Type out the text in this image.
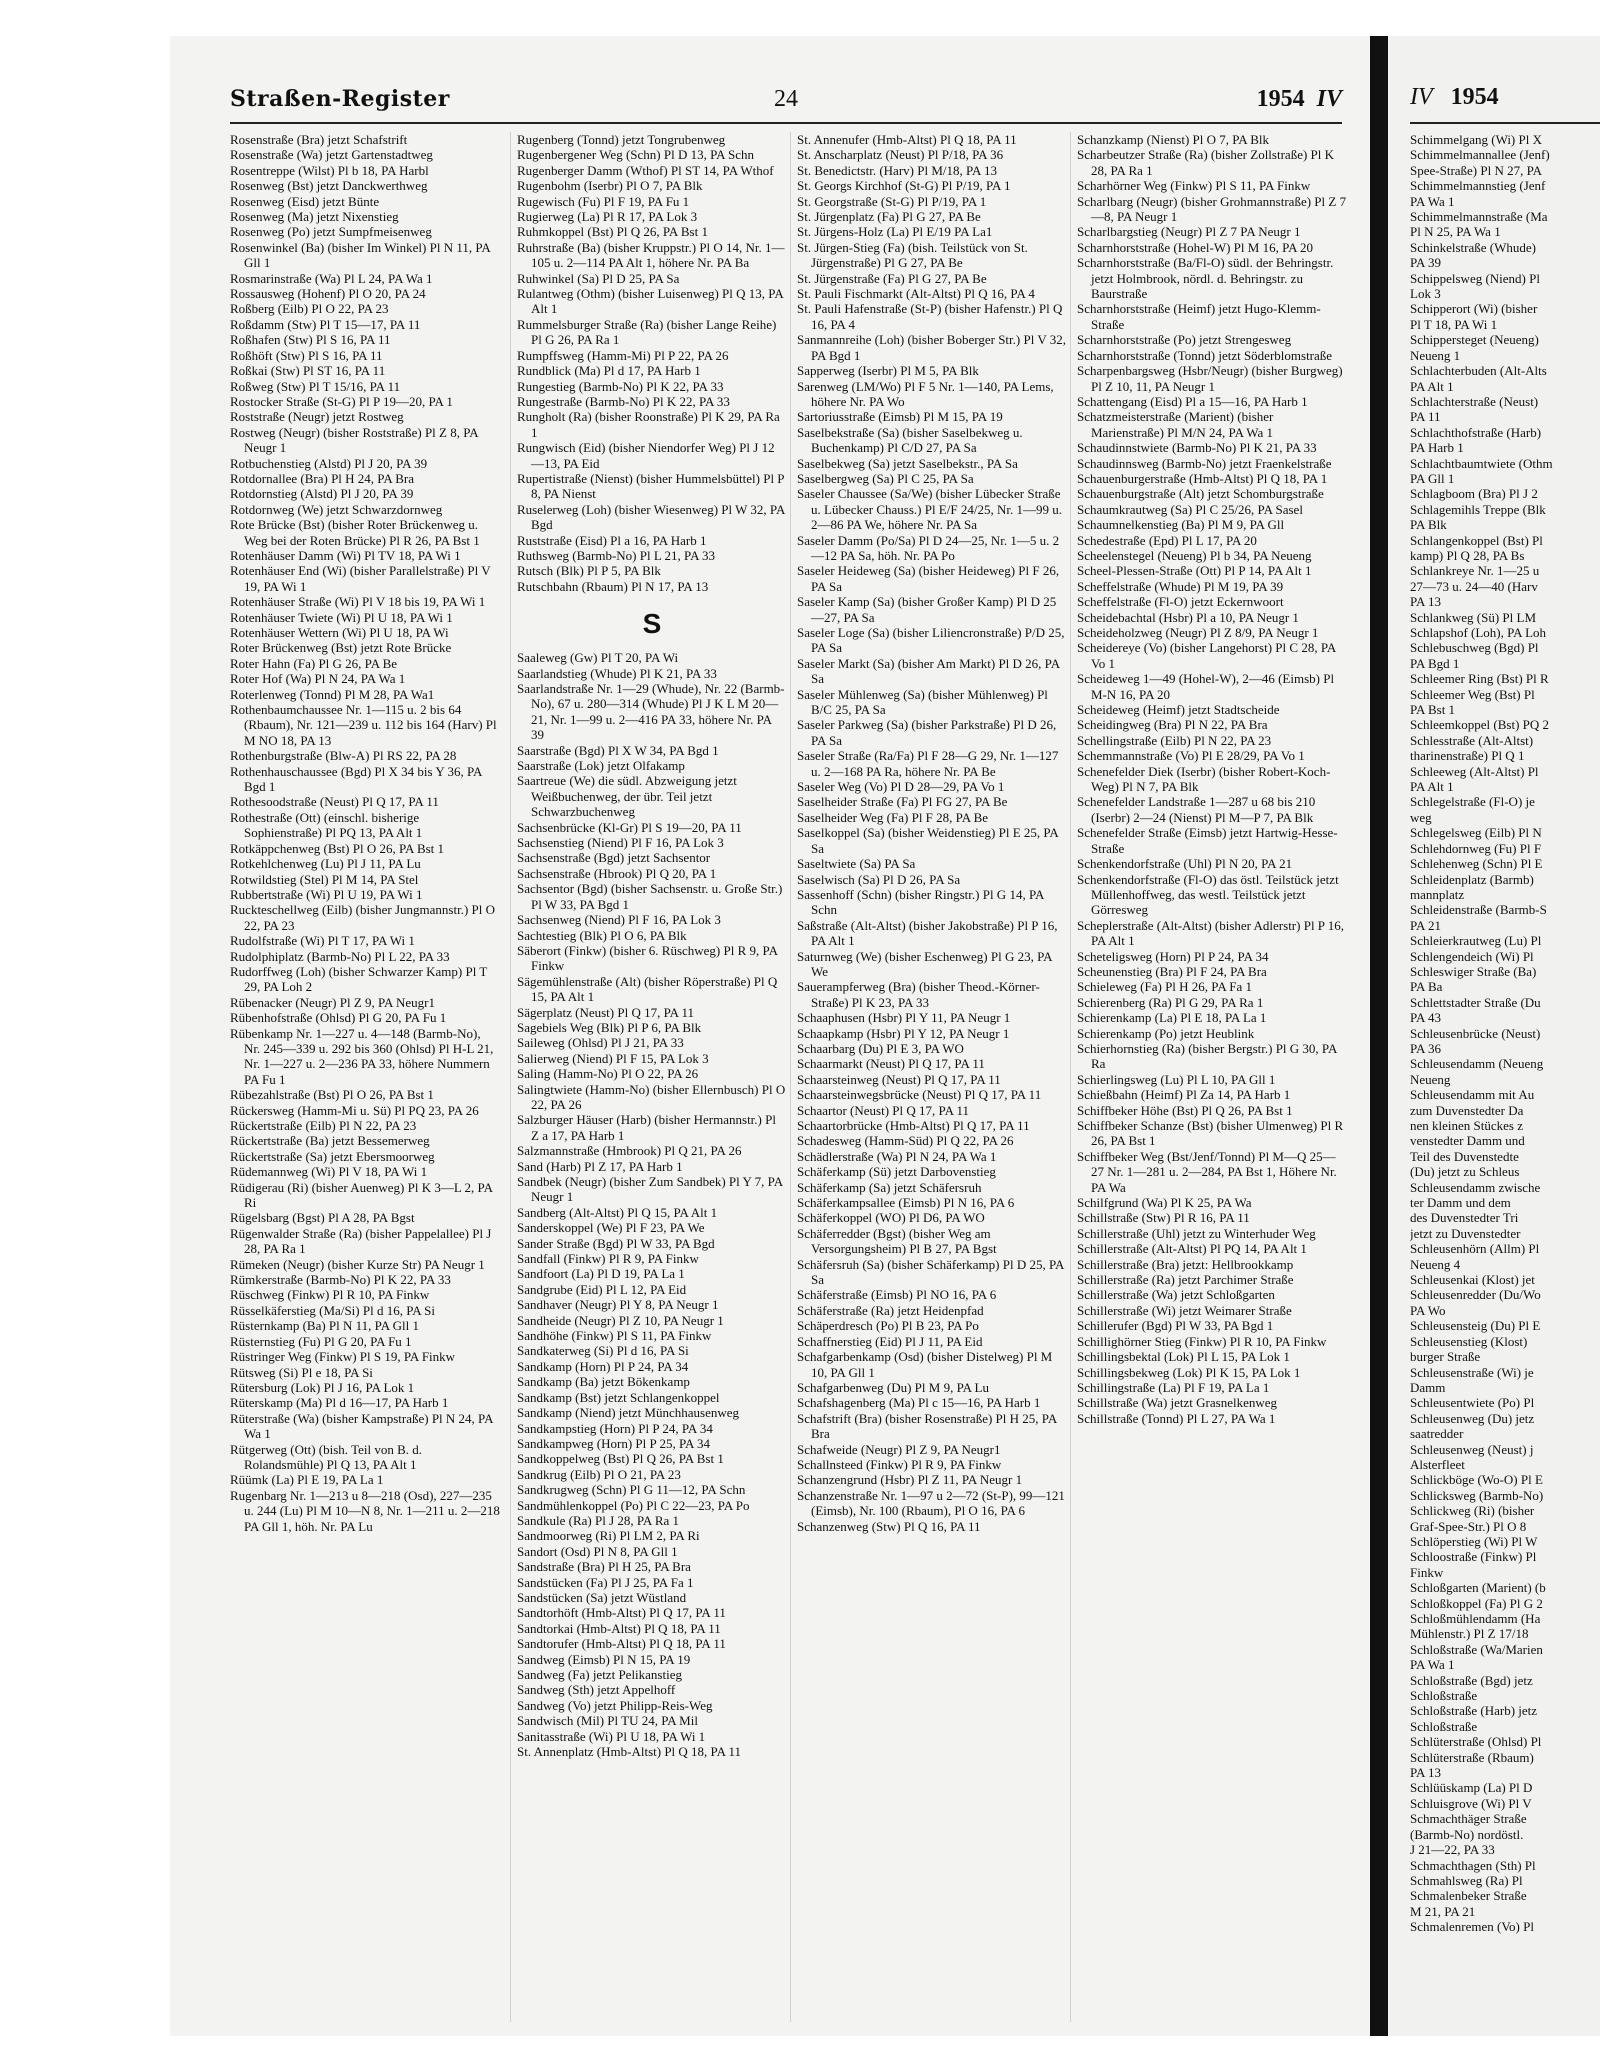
Straßen-Register	24	1954 IV

Rosenstraße (Bra) jetzt Schafstrift

Rosenstraße (Wa) jetzt Gartenstadtweg

Rosentreppe (Wilst) Pl b 18, PA Harbl

Rosenweg (Bst) jetzt Danckwerthweg

Rosenweg (Eisd) jetzt Bünte

Rosenweg (Ma) jetzt Nixenstieg

Rosenweg (Po) jetzt Sumpfmeisenweg

Rosenwinkel (Ba) (bisher Im Winkel) Pl N 11, PA Gll 1

Rosmarinstraße (Wa) Pl L 24, PA Wa 1

Rossausweg (Hohenf) Pl O 20, PA 24

Roßberg (Eilb) Pl O 22, PA 23

Roßdamm (Stw) Pl T 15—17, PA 11

Roßhafen (Stw) Pl S 16, PA 11

Roßhöft (Stw) Pl S 16, PA 11

Roßkai (Stw) Pl ST 16, PA 11

Roßweg (Stw) Pl T 15/16, PA 11

Rostocker Straße (St-G) Pl P 19—20, PA 1

Roststraße (Neugr) jetzt Rostweg

Rostweg (Neugr) (bisher Roststraße) Pl Z 8, PA Neugr 1

Rotbuchenstieg (Alstd) Pl J 20, PA 39

Rotdornallee (Bra) Pl H 24, PA Bra

Rotdornstieg (Alstd) Pl J 20, PA 39

Rotdornweg (We) jetzt Schwarzdornweg

Rote Brücke (Bst) (bisher Roter Brückenweg u. Weg bei der Roten Brücke) Pl R 26, PA Bst 1

Rotenhäuser Damm (Wi) Pl TV 18, PA Wi 1

Rotenhäuser End (Wi) (bisher Parallelstraße) Pl V 19, PA Wi 1

Rotenhäuser Straße (Wi) Pl V 18 bis 19, PA Wi 1

Rotenhäuser Twiete (Wi) Pl U 18, PA Wi 1

Rotenhäuser Wettern (Wi) Pl U 18, PA Wi

Roter Brückenweg (Bst) jetzt Rote Brücke

Roter Hahn (Fa) Pl G 26, PA Be

Roter Hof (Wa) Pl N 24, PA Wa 1

Roterlenweg (Tonnd) Pl M 28, PA Wa1

Rothenbaumchaussee Nr. 1—115 u. 2 bis 64 (Rbaum), Nr. 121—239 u. 112 bis 164 (Harv) Pl M NO 18, PA 13

Rothenburgstraße (Blw-A) Pl RS 22, PA 28

Rothenhauschaussee (Bgd) Pl X 34 bis Y 36, PA Bgd 1

Rothesoodstraße (Neust) Pl Q 17, PA 11

Rothestraße (Ott) (einschl. bisherige Sophienstraße) Pl PQ 13, PA Alt 1

Rotkäppchenweg (Bst) Pl O 26, PA Bst 1

Rotkehlchenweg (Lu) Pl J 11, PA Lu

Rotwildstieg (Stel) Pl M 14, PA Stel

Rubbertstraße (Wi) Pl U 19, PA Wi 1

Ruckteschellweg (Eilb) (bisher Jungmannstr.) Pl O 22, PA 23

Rudolfstraße (Wi) Pl T 17, PA Wi 1

Rudolphiplatz (Barmb-No) Pl L 22, PA 33

Rudorffweg (Loh) (bisher Schwarzer Kamp) Pl T 29, PA Loh 2

Rübenacker (Neugr) Pl Z 9, PA Neugr1

Rübenhofstraße (Ohlsd) Pl G 20, PA Fu 1

Rübenkamp Nr. 1—227 u. 4—148 (Barmb-No), Nr. 245—339 u. 292 bis 360 (Ohlsd) Pl H-L 21, Nr. 1—227 u. 2—236 PA 33, höhere Nummern PA Fu 1

Rübezahlstraße (Bst) Pl O 26, PA Bst 1

Rückersweg (Hamm-Mi u. Sü) Pl PQ 23, PA 26

Rückertstraße (Eilb) Pl N 22, PA 23

Rückertstraße (Ba) jetzt Bessemerweg

Rückertstraße (Sa) jetzt Ebersmoorweg

Rüdemannweg (Wi) Pl V 18, PA Wi 1

Rüdigerau (Ri) (bisher Auenweg) Pl K 3—L 2, PA Ri

Rügelsbarg (Bgst) Pl A 28, PA Bgst

Rügenwalder Straße (Ra) (bisher Pappelallee) Pl J 28, PA Ra 1

Rümeken (Neugr) (bisher Kurze Str) PA Neugr 1

Rümkerstraße (Barmb-No) Pl K 22, PA 33

Rüschweg (Finkw) Pl R 10, PA Finkw

Rüsselkäferstieg (Ma/Si) Pl d 16, PA Si

Rüsternkamp (Ba) Pl N 11, PA Gll 1

Rüsternstieg (Fu) Pl G 20, PA Fu 1

Rüstringer Weg (Finkw) Pl S 19, PA Finkw

Rütsweg (Si) Pl e 18, PA Si

Rütersburg (Lok) Pl J 16, PA Lok 1

Rüterskamp (Ma) Pl d 16—17, PA Harb 1

Rüterstraße (Wa) (bisher Kampstraße) Pl N 24, PA Wa 1

Rütgerweg (Ott) (bish. Teil von B. d. Rolandsmühle) Pl Q 13, PA Alt 1

Rüümk (La) Pl E 19, PA La 1

Rugenbarg Nr. 1—213 u 8—218 (Osd), 227—235 u. 244 (Lu) Pl M 10—N 8, Nr. 1—211 u. 2—218 PA Gll 1, höh. Nr. PA Lu

Rugenberg (Tonnd) jetzt Tongrubenweg

Rugenbergener Weg (Schn) Pl D 13, PA Schn

Rugenberger Damm (Wthof) Pl ST 14, PA Wthof

Rugenbohm (Iserbr) Pl O 7, PA Blk

Rugewisch (Fu) Pl F 19, PA Fu 1

Rugierweg (La) Pl R 17, PA Lok 3

Ruhmkoppel (Bst) Pl Q 26, PA Bst 1

Ruhrstraße (Ba) (bisher Kruppstr.) Pl O 14, Nr. 1—105 u. 2—114 PA Alt 1, höhere Nr. PA Ba

Ruhwinkel (Sa) Pl D 25, PA Sa

Rulantweg (Othm) (bisher Luisenweg) Pl Q 13, PA Alt 1

Rummelsburger Straße (Ra) (bisher Lange Reihe) Pl G 26, PA Ra 1

Rumpffsweg (Hamm-Mi) Pl P 22, PA 26

Rundblick (Ma) Pl d 17, PA Harb 1

Rungestieg (Barmb-No) Pl K 22, PA 33

Rungestraße (Barmb-No) Pl K 22, PA 33

Rungholt (Ra) (bisher Roonstraße) Pl K 29, PA Ra 1

Rungwisch (Eid) (bisher Niendorfer Weg) Pl J 12—13, PA Eid

Rupertistraße (Nienst) (bisher Hummelsbüttel) Pl P 8, PA Nienst

Ruselerweg (Loh) (bisher Wiesenweg) Pl W 32, PA Bgd

Ruststraße (Eisd) Pl a 16, PA Harb 1

Ruthsweg (Barmb-No) Pl L 21, PA 33

Rutsch (Blk) Pl P 5, PA Blk

Rutschbahn (Rbaum) Pl N 17, PA 13

S

Saaleweg (Gw) Pl T 20, PA Wi

Saarlandstieg (Whude) Pl K 21, PA 33

Saarlandstraße Nr. 1—29 (Whude), Nr. 22 (Barmb-No), 67 u. 280—314 (Whude) Pl J K L M 20—21, Nr. 1—99 u. 2—416 PA 33, höhere Nr. PA 39

Saarstraße (Bgd) Pl X W 34, PA Bgd 1

Saarstraße (Lok) jetzt Olfakamp

Saartreue (We) die südl. Abzweigung jetzt Weißbuchenweg, der übr. Teil jetzt Schwarzbuchenweg

Sachsenbrücke (Kl-Gr) Pl S 19—20, PA 11

Sachsenstieg (Niend) Pl F 16, PA Lok 3

Sachsenstraße (Bgd) jetzt Sachsentor

Sachsenstraße (Hbrook) Pl Q 20, PA 1

Sachsentor (Bgd) (bisher Sachsenstr. u. Große Str.) Pl W 33, PA Bgd 1

Sachsenweg (Niend) Pl F 16, PA Lok 3

Sachtestieg (Blk) Pl O 6, PA Blk

Säberort (Finkw) (bisher 6. Rüschweg) Pl R 9, PA Finkw

Sägemühlenstraße (Alt) (bisher Röperstraße) Pl Q 15, PA Alt 1

Sägerplatz (Neust) Pl Q 17, PA 11

Sagebiels Weg (Blk) Pl P 6, PA Blk

Saileweg (Ohlsd) Pl J 21, PA 33

Salierweg (Niend) Pl F 15, PA Lok 3

Saling (Hamm-No) Pl O 22, PA 26

Salingtwiete (Hamm-No) (bisher Ellernbusch) Pl O 22, PA 26

Salzburger Häuser (Harb) (bisher Hermannstr.) Pl Z a 17, PA Harb 1

Salzmannstraße (Hmbrook) Pl Q 21, PA 26

Sand (Harb) Pl Z 17, PA Harb 1

Sandbek (Neugr) (bisher Zum Sandbek) Pl Y 7, PA Neugr 1

Sandberg (Alt-Altst) Pl Q 15, PA Alt 1

Sanderskoppel (We) Pl F 23, PA We

Sander Straße (Bgd) Pl W 33, PA Bgd

Sandfall (Finkw) Pl R 9, PA Finkw

Sandfoort (La) Pl D 19, PA La 1

Sandgrube (Eid) Pl L 12, PA Eid

Sandhaver (Neugr) Pl Y 8, PA Neugr 1

Sandheide (Neugr) Pl Z 10, PA Neugr 1

Sandhöhe (Finkw) Pl S 11, PA Finkw

Sandkaterweg (Si) Pl d 16, PA Si

Sandkamp (Horn) Pl P 24, PA 34

Sandkamp (Ba) jetzt Bökenkamp

Sandkamp (Bst) jetzt Schlangenkoppel

Sandkamp (Niend) jetzt Münchhausenweg

Sandkampstieg (Horn) Pl P 24, PA 34

Sandkampweg (Horn) Pl P 25, PA 34

Sandkoppelweg (Bst) Pl Q 26, PA Bst 1

Sandkrug (Eilb) Pl O 21, PA 23

Sandkrugweg (Schn) Pl G 11—12, PA Schn

Sandmühlenkoppel (Po) Pl C 22—23, PA Po

Sandkule (Ra) Pl J 28, PA Ra 1

Sandmoorweg (Ri) Pl LM 2, PA Ri

Sandort (Osd) Pl N 8, PA Gll 1

Sandstraße (Bra) Pl H 25, PA Bra

Sandstücken (Fa) Pl J 25, PA Fa 1

Sandstücken (Sa) jetzt Wüstland

Sandtorhöft (Hmb-Altst) Pl Q 17, PA 11

Sandtorkai (Hmb-Altst) Pl Q 18, PA 11

Sandtorufer (Hmb-Altst) Pl Q 18, PA 11

Sandweg (Eimsb) Pl N 15, PA 19

Sandweg (Fa) jetzt Pelikanstieg

Sandweg (Sth) jetzt Appelhoff

Sandweg (Vo) jetzt Philipp-Reis-Weg

Sandwisch (Mil) Pl TU 24, PA Mil

Sanitasstraße (Wi) Pl U 18, PA Wi 1

St. Annenplatz (Hmb-Altst) Pl Q 18, PA 11

St. Annenufer (Hmb-Altst) Pl Q 18, PA 11

St. Anscharplatz (Neust) Pl P/18, PA 36

St. Benedictstr. (Harv) Pl M/18, PA 13

St. Georgs Kirchhof (St-G) Pl P/19, PA 1

St. Georgstraße (St-G) Pl P/19, PA 1

St. Jürgenplatz (Fa) Pl G 27, PA Be

St. Jürgens-Holz (La) Pl E/19 PA La1

St. Jürgen-Stieg (Fa) (bish. Teilstück von St. Jürgenstraße) Pl G 27, PA Be

St. Jürgenstraße (Fa) Pl G 27, PA Be

St. Pauli Fischmarkt (Alt-Altst) Pl Q 16, PA 4

St. Pauli Hafenstraße (St-P) (bisher Hafenstr.) Pl Q 16, PA 4

Sanmannreihe (Loh) (bisher Boberger Str.) Pl V 32, PA Bgd 1

Sapperweg (Iserbr) Pl M 5, PA Blk

Sarenweg (LM/Wo) Pl F 5 Nr. 1—140, PA Lems, höhere Nr. PA Wo

Sartoriusstraße (Eimsb) Pl M 15, PA 19

Saselbekstraße (Sa) (bisher Saselbekweg u. Buchenkamp) Pl C/D 27, PA Sa

Saselbekweg (Sa) jetzt Saselbekstr., PA Sa

Saselbergweg (Sa) Pl C 25, PA Sa

Saseler Chaussee (Sa/We) (bisher Lübecker Straße u. Lübecker Chauss.) Pl E/F 24/25, Nr. 1—99 u. 2—86 PA We, höhere Nr. PA Sa

Saseler Damm (Po/Sa) Pl D 24—25, Nr. 1—5 u. 2—12 PA Sa, höh. Nr. PA Po

Saseler Heideweg (Sa) (bisher Heideweg) Pl F 26, PA Sa

Saseler Kamp (Sa) (bisher Großer Kamp) Pl D 25—27, PA Sa

Saseler Loge (Sa) (bisher Liliencronstraße) P/D 25, PA Sa

Saseler Markt (Sa) (bisher Am Markt) Pl D 26, PA Sa

Saseler Mühlenweg (Sa) (bisher Mühlenweg) Pl B/C 25, PA Sa

Saseler Parkweg (Sa) (bisher Parkstraße) Pl D 26, PA Sa

Saseler Straße (Ra/Fa) Pl F 28—G 29, Nr. 1—127 u. 2—168 PA Ra, höhere Nr. PA Be

Saseler Weg (Vo) Pl D 28—29, PA Vo 1

Saselheider Straße (Fa) Pl FG 27, PA Be

Saselheider Weg (Fa) Pl F 28, PA Be

Saselkoppel (Sa) (bisher Weidenstieg) Pl E 25, PA Sa

Saseltwiete (Sa) PA Sa

Saselwisch (Sa) Pl D 26, PA Sa

Sassenhoff (Schn) (bisher Ringstr.) Pl G 14, PA Schn

Saßstraße (Alt-Altst) (bisher Jakobstraße) Pl P 16, PA Alt 1

Saturnweg (We) (bisher Eschenweg) Pl G 23, PA We

Sauerampferweg (Bra) (bisher Theod.-Körner-Straße) Pl K 23, PA 33

Schaaphusen (Hsbr) Pl Y 11, PA Neugr 1

Schaapkamp (Hsbr) Pl Y 12, PA Neugr 1

Schaarbarg (Du) Pl E 3, PA WO

Schaarmarkt (Neust) Pl Q 17, PA 11

Schaarsteinweg (Neust) Pl Q 17, PA 11

Schaarsteinwegsbrücke (Neust) Pl Q 17, PA 11

Schaartor (Neust) Pl Q 17, PA 11

Schaartorbrücke (Hmb-Altst) Pl Q 17, PA 11

Schadesweg (Hamm-Süd) Pl Q 22, PA 26

Schädlerstraße (Wa) Pl N 24, PA Wa 1

Schäferkamp (Sü) jetzt Darbovenstieg

Schäferkamp (Sa) jetzt Schäfersruh

Schäferkampsallee (Eimsb) Pl N 16, PA 6

Schäferkoppel (WO) Pl D6, PA WO

Schäferredder (Bgst) (bisher Weg am Versorgungsheim) Pl B 27, PA Bgst

Schäfersruh (Sa) (bisher Schäferkamp) Pl D 25, PA Sa

Schäferstraße (Eimsb) Pl NO 16, PA 6

Schäferstraße (Ra) jetzt Heidenpfad

Schäperdresch (Po) Pl B 23, PA Po

Schaffnerstieg (Eid) Pl J 11, PA Eid

Schafgarbenkamp (Osd) (bisher Distelweg) Pl M 10, PA Gll 1

Schafgarbenweg (Du) Pl M 9, PA Lu

Schafshagenberg (Ma) Pl c 15—16, PA Harb 1

Schafstrift (Bra) (bisher Rosenstraße) Pl H 25, PA Bra

Schafweide (Neugr) Pl Z 9, PA Neugr1

Schallnsteed (Finkw) Pl R 9, PA Finkw

Schanzengrund (Hsbr) Pl Z 11, PA Neugr 1

Schanzenstraße Nr. 1—97 u 2—72 (St-P), 99—121 (Eimsb), Nr. 100 (Rbaum), Pl O 16, PA 6

Schanzenweg (Stw) Pl Q 16, PA 11

Schanzkamp (Nienst) Pl O 7, PA Blk

Scharbeutzer Straße (Ra) (bisher Zollstraße) Pl K 28, PA Ra 1

Scharhörner Weg (Finkw) Pl S 11, PA Finkw

Scharlbarg (Neugr) (bisher Grohmannstraße) Pl Z 7—8, PA Neugr 1

Scharlbargstieg (Neugr) Pl Z 7 PA Neugr 1

Scharnhorststraße (Hohel-W) Pl M 16, PA 20

Scharnhorststraße (Ba/Fl-O) südl. der Behringstr. jetzt Holmbrook, nördl. d. Behringstr. zu Baurstraße

Scharnhorststraße (Heimf) jetzt Hugo-Klemm-Straße

Scharnhorststraße (Po) jetzt Strengesweg

Scharnhorststraße (Tonnd) jetzt Söderblomstraße

Scharpenbargsweg (Hsbr/Neugr) (bisher Burgweg) Pl Z 10, 11, PA Neugr 1

Schattengang (Eisd) Pl a 15—16, PA Harb 1

Schatzmeisterstraße (Marient) (bisher Marienstraße) Pl M/N 24, PA Wa 1

Schaudinnstwiete (Barmb-No) Pl K 21, PA 33

Schaudinnsweg (Barmb-No) jetzt Fraenkelstraße

Schauenburgerstraße (Hmb-Altst) Pl Q 18, PA 1

Schauenburgstraße (Alt) jetzt Schomburgstraße

Schaumkrautweg (Sa) Pl C 25/26, PA Sasel

Schaumnelkenstieg (Ba) Pl M 9, PA Gll

Schedestraße (Epd) Pl L 17, PA 20

Scheelenstegel (Neueng) Pl b 34, PA Neueng

Scheel-Plessen-Straße (Ott) Pl P 14, PA Alt 1

Scheffelstraße (Whude) Pl M 19, PA 39

Scheffelstraße (Fl-O) jetzt Eckernwoort

Scheidebachtal (Hsbr) Pl a 10, PA Neugr 1

Scheideholzweg (Neugr) Pl Z 8/9, PA Neugr 1

Scheidereye (Vo) (bisher Langehorst) Pl C 28, PA Vo 1

Scheideweg 1—49 (Hohel-W), 2—46 (Eimsb) Pl M-N 16, PA 20

Scheideweg (Heimf) jetzt Stadtscheide

Scheidingweg (Bra) Pl N 22, PA Bra

Schellingstraße (Eilb) Pl N 22, PA 23

Schemmannstraße (Vo) Pl E 28/29, PA Vo 1

Schenefelder Diek (Iserbr) (bisher Robert-Koch-Weg) Pl N 7, PA Blk

Schenefelder Landstraße 1—287 u 68 bis 210 (Iserbr) 2—24 (Nienst) Pl M—P 7, PA Blk

Schenefelder Straße (Eimsb) jetzt Hartwig-Hesse-Straße

Schenkendorfstraße (Uhl) Pl N 20, PA 21

Schenkendorfstraße (Fl-O) das östl. Teilstück jetzt Müllenhoffweg, das westl. Teilstück jetzt Görresweg

Scheplerstraße (Alt-Altst) (bisher Adlerstr) Pl P 16, PA Alt 1

Scheteligsweg (Horn) Pl P 24, PA 34

Scheunenstieg (Bra) Pl F 24, PA Bra

Schieleweg (Fa) Pl H 26, PA Fa 1

Schierenberg (Ra) Pl G 29, PA Ra 1

Schierenkamp (La) Pl E 18, PA La 1

Schierenkamp (Po) jetzt Heublink

Schierhornstieg (Ra) (bisher Bergstr.) Pl G 30, PA Ra

Schierlingsweg (Lu) Pl L 10, PA Gll 1

Schießbahn (Heimf) Pl Za 14, PA Harb 1

Schiffbeker Höhe (Bst) Pl Q 26, PA Bst 1

Schiffbeker Schanze (Bst) (bisher Ulmenweg) Pl R 26, PA Bst 1

Schiffbeker Weg (Bst/Jenf/Tonnd) Pl M—Q 25—27 Nr. 1—281 u. 2—284, PA Bst 1, Höhere Nr. PA Wa

Schilfgrund (Wa) Pl K 25, PA Wa

Schillstraße (Stw) Pl R 16, PA 11

Schillerstraße (Uhl) jetzt zu Winterhuder Weg

Schillerstraße (Alt-Altst) Pl PQ 14, PA Alt 1

Schillerstraße (Bra) jetzt: Hellbrookkamp

Schillerstraße (Ra) jetzt Parchimer Straße

Schillerstraße (Wa) jetzt Schloßgarten

Schillerstraße (Wi) jetzt Weimarer Straße

Schillerufer (Bgd) Pl W 33, PA Bgd 1

Schillighörner Stieg (Finkw) Pl R 10, PA Finkw

Schillingsbektal (Lok) Pl L 15, PA Lok 1

Schillingsbekweg (Lok) Pl K 15, PA Lok 1

Schillingstraße (La) Pl F 19, PA La 1

Schillstraße (Wa) jetzt Grasnelkenweg

Schillstraße (Tonnd) Pl L 27, PA Wa 1

IV 1954

Schimmelgang (Wi) Pl X

Schimmelmannallee (Jenf)

Spee-Straße) Pl N 27, PA

Schimmelmannstieg (Jenf

PA Wa 1

Schimmelmannstraße (Ma

Pl N 25, PA Wa 1

Schinkelstraße (Whude)

PA 39

Schippelsweg (Niend) Pl

Lok 3

Schipperort (Wi) (bisher

Pl T 18, PA Wi 1

Schippersteget (Neueng)

Neueng 1

Schlachterbuden (Alt-Alts

PA Alt 1

Schlachterstraße (Neust)

PA 11

Schlachthofstraße (Harb)

PA Harb 1

Schlachtbaumtwiete (Othm

PA Gll 1

Schlagboom (Bra) Pl J 2

Schlagemihls Treppe (Blk

PA Blk

Schlangenkoppel (Bst) Pl

kamp) Pl Q 28, PA Bs

Schlankreye Nr. 1—25 u

27—73 u. 24—40 (Harv

PA 13

Schlankweg (Sü) Pl LM

Schlapshof (Loh), PA Loh

Schlebuschweg (Bgd) Pl

PA Bgd 1

Schleemer Ring (Bst) Pl R

Schleemer Weg (Bst) Pl

PA Bst 1

Schleemkoppel (Bst) PQ 2

Schlesstraße (Alt-Altst)

tharinenstraße) Pl Q 1

Schleeweg (Alt-Altst) Pl

PA Alt 1

Schlegelstraße (Fl-O) je

weg

Schlegelsweg (Eilb) Pl N

Schlehdornweg (Fu) Pl F

Schlehenweg (Schn) Pl E

Schleidenplatz (Barmb)

mannplatz

Schleidenstraße (Barmb-S

PA 21

Schleierkrautweg (Lu) Pl

Schlengendeich (Wi) Pl

Schleswiger Straße (Ba)

PA Ba

Schlettstadter Straße (Du

PA 43

Schleusenbrücke (Neust)

PA 36

Schleusendamm (Neueng

Neueng

Schleusendamm mit Au

zum Duvenstedter Da

nen kleinen Stückes z

venstedter Damm und

Teil des Duvenstedte

(Du) jetzt zu Schleus

Schleusendamm zwische

ter Damm und dem

des Duvenstedter Tri

jetzt zu Duvenstedter

Schleusenhörn (Allm) Pl

Neueng 4

Schleusenkai (Klost) jet

Schleusenredder (Du/Wo

PA Wo

Schleusensteig (Du) Pl E

Schleusenstieg (Klost)

burger Straße

Schleusenstraße (Wi) je

Damm

Schleusentwiete (Po) Pl

Schleusenweg (Du) jetz

saatredder

Schleusenweg (Neust) j

Alsterfleet

Schlickböge (Wo-O) Pl E

Schlicksweg (Barmb-No)

Schlickweg (Ri) (bisher

Graf-Spee-Str.) Pl O 8

Schlöperstieg (Wi) Pl W

Schloostraße (Finkw) Pl

Finkw

Schloßgarten (Marient) (b

Schloßkoppel (Fa) Pl G 2

Schloßmühlendamm (Ha

Mühlenstr.) Pl Z 17/18

Schloßstraße (Wa/Marien

PA Wa 1

Schloßstraße (Bgd) jetz

Schloßstraße

Schloßstraße (Harb) jetz

Schloßstraße

Schlüterstraße (Ohlsd) Pl

Schlüterstraße (Rbaum)

PA 13

Schlüüskamp (La) Pl D

Schluisgrove (Wi) Pl V

Schmachthäger Straße

(Barmb-No) nordöstl.

J 21—22, PA 33

Schmachthagen (Sth) Pl

Schmahlsweg (Ra) Pl

Schmalenbeker Straße

M 21, PA 21

Schmalenremen (Vo) Pl
